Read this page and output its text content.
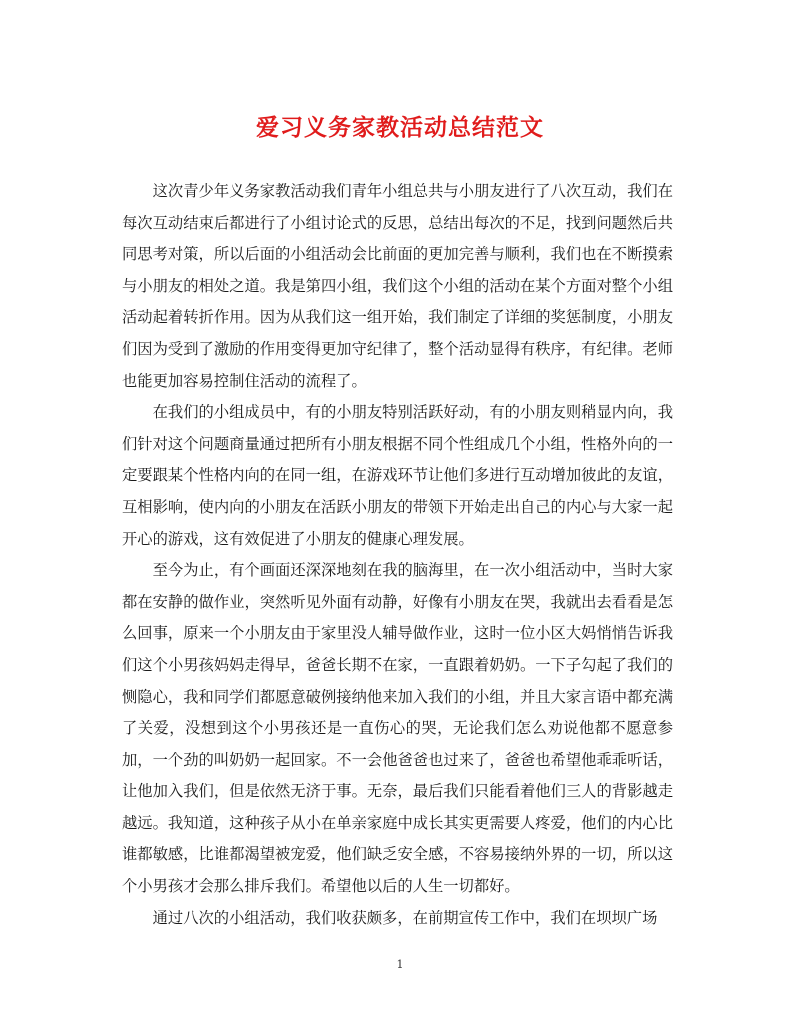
爱习义务家教活动总结范文

这次青少年义务家教活动我们青年小组总共与小朋友进行了八次互动，我们在每次互动结束后都进行了小组讨论式的反思，总结出每次的不足，找到问题然后共同思考对策，所以后面的小组活动会比前面的更加完善与顺利，我们也在不断摸索与小朋友的相处之道。我是第四小组，我们这个小组的活动在某个方面对整个小组活动起着转折作用。因为从我们这一组开始，我们制定了详细的奖惩制度，小朋友们因为受到了激励的作用变得更加守纪律了，整个活动显得有秩序，有纪律。老师也能更加容易控制住活动的流程了。

在我们的小组成员中，有的小朋友特别活跃好动，有的小朋友则稍显内向，我们针对这个问题商量通过把所有小朋友根据不同个性组成几个小组，性格外向的一定要跟某个性格内向的在同一组，在游戏环节让他们多进行互动增加彼此的友谊，互相影响，使内向的小朋友在活跃小朋友的带领下开始走出自己的内心与大家一起开心的游戏，这有效促进了小朋友的健康心理发展。

至今为止，有个画面还深深地刻在我的脑海里，在一次小组活动中，当时大家都在安静的做作业，突然听见外面有动静，好像有小朋友在哭，我就出去看看是怎么回事，原来一个小朋友由于家里没人辅导做作业，这时一位小区大妈悄悄告诉我们这个小男孩妈妈走得早，爸爸长期不在家，一直跟着奶奶。一下子勾起了我们的恻隐心，我和同学们都愿意破例接纳他来加入我们的小组，并且大家言语中都充满了关爱，没想到这个小男孩还是一直伤心的哭，无论我们怎么劝说他都不愿意参加，一个劲的叫奶奶一起回家。不一会他爸爸也过来了，爸爸也希望他乖乖听话，让他加入我们，但是依然无济于事。无奈，最后我们只能看着他们三人的背影越走越远。我知道，这种孩子从小在单亲家庭中成长其实更需要人疼爱，他们的内心比谁都敏感，比谁都渴望被宠爱，他们缺乏安全感，不容易接纳外界的一切，所以这个小男孩才会那么排斥我们。希望他以后的人生一切都好。

通过八次的小组活动，我们收获颇多，在前期宣传工作中，我们在坝坝广场

1
